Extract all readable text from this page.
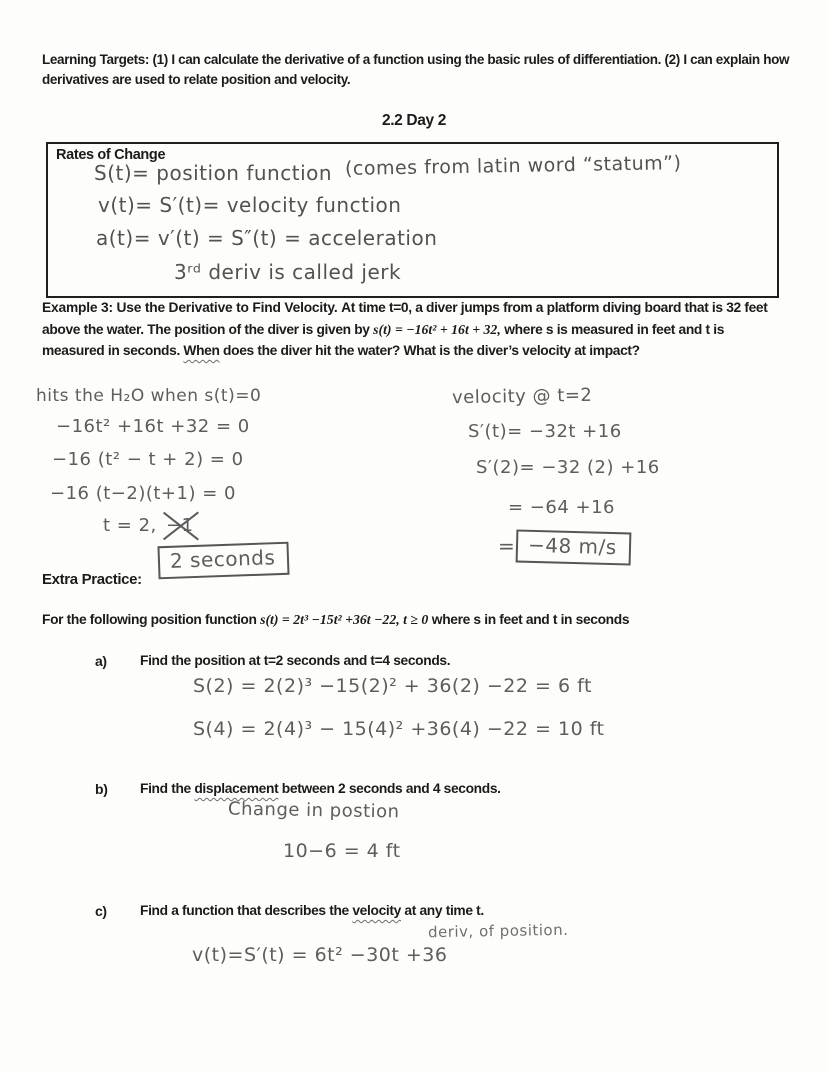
Learning Targets: (1) I can calculate the derivative of a function using the basic rules of differentiation. (2) I can explain how derivatives are used to relate position and velocity.

2.2 Day 2
Rates of Change
S(t)= position function (comes from latin word “statum”)
v(t)= S′(t)= velocity function
a(t)= v′(t) = S″(t) = acceleration
3ʳᵈ deriv is called jerk

Example 3: Use the Derivative to Find Velocity. At time t=0, a diver jumps from a platform diving board that is 32 feet above the water. The position of the diver is given by s(t) = −16t² + 16t + 32, where s is measured in feet and t is measured in seconds. When does the diver hit the water? What is the diver’s velocity at impact?

hits the H₂O when s(t)=0
−16t² +16t +32 = 0
−16 (t² − t + 2) = 0
−16 (t−2)(t+1) = 0
t = 2, −1
2 seconds
velocity @ t=2
S′(t)= −32t +16
S′(2)= −32 (2) +16
= −64 +16
= −48 m/s
Extra Practice:
For the following position function s(t) = 2t³ −15t² +36t −22, t ≥ 0 where s in feet and t in seconds
a) Find the position at t=2 seconds and t=4 seconds.
S(2) = 2(2)³ −15(2)² + 36(2) −22 = 6 ft
S(4) = 2(4)³ − 15(4)² +36(4) −22 = 10 ft
b) Find the displacement between 2 seconds and 4 seconds.
Change in postion
10−6 = 4 ft
c) Find a function that describes the velocity at any time t.
deriv, of position.
v(t)=S′(t) = 6t² −30t +36
